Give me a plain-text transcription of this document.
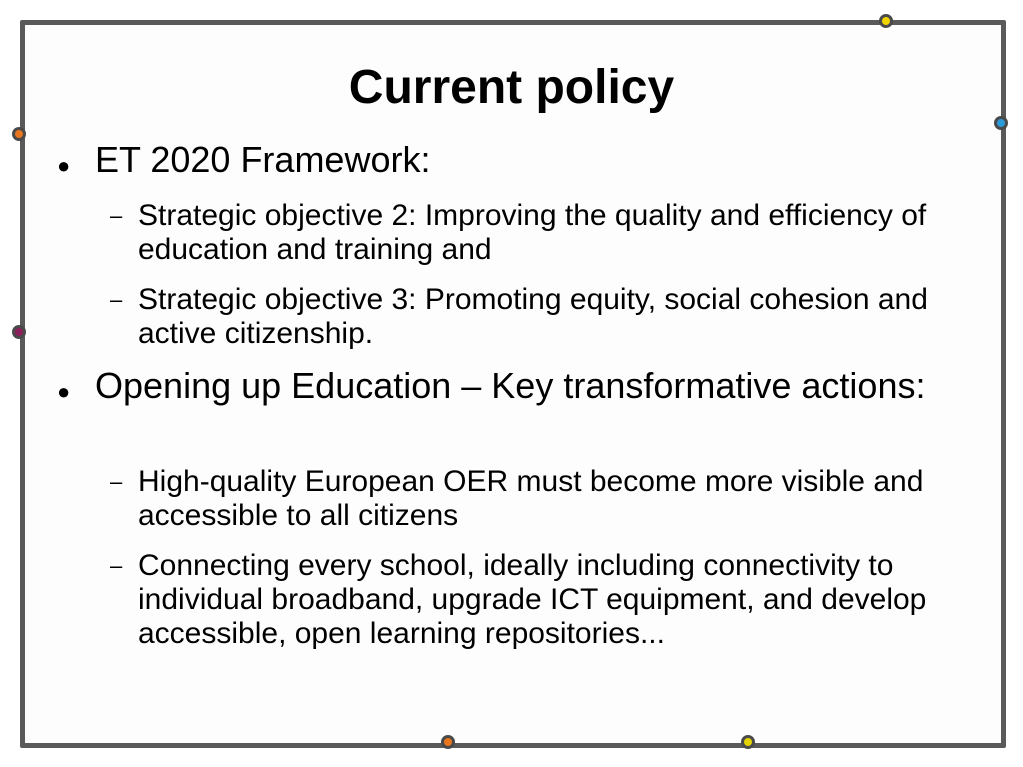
Current policy
● ET 2020 Framework:
– Strategic objective 2: Improving the quality and efficiency of education and training and
– Strategic objective 3: Promoting equity, social cohesion and active citizenship.
● Opening up Education – Key transformative actions:
– High-quality European OER must become more visible and accessible to all citizens
– Connecting every school, ideally including connectivity to individual broadband, upgrade ICT equipment, and develop accessible, open learning repositories...
